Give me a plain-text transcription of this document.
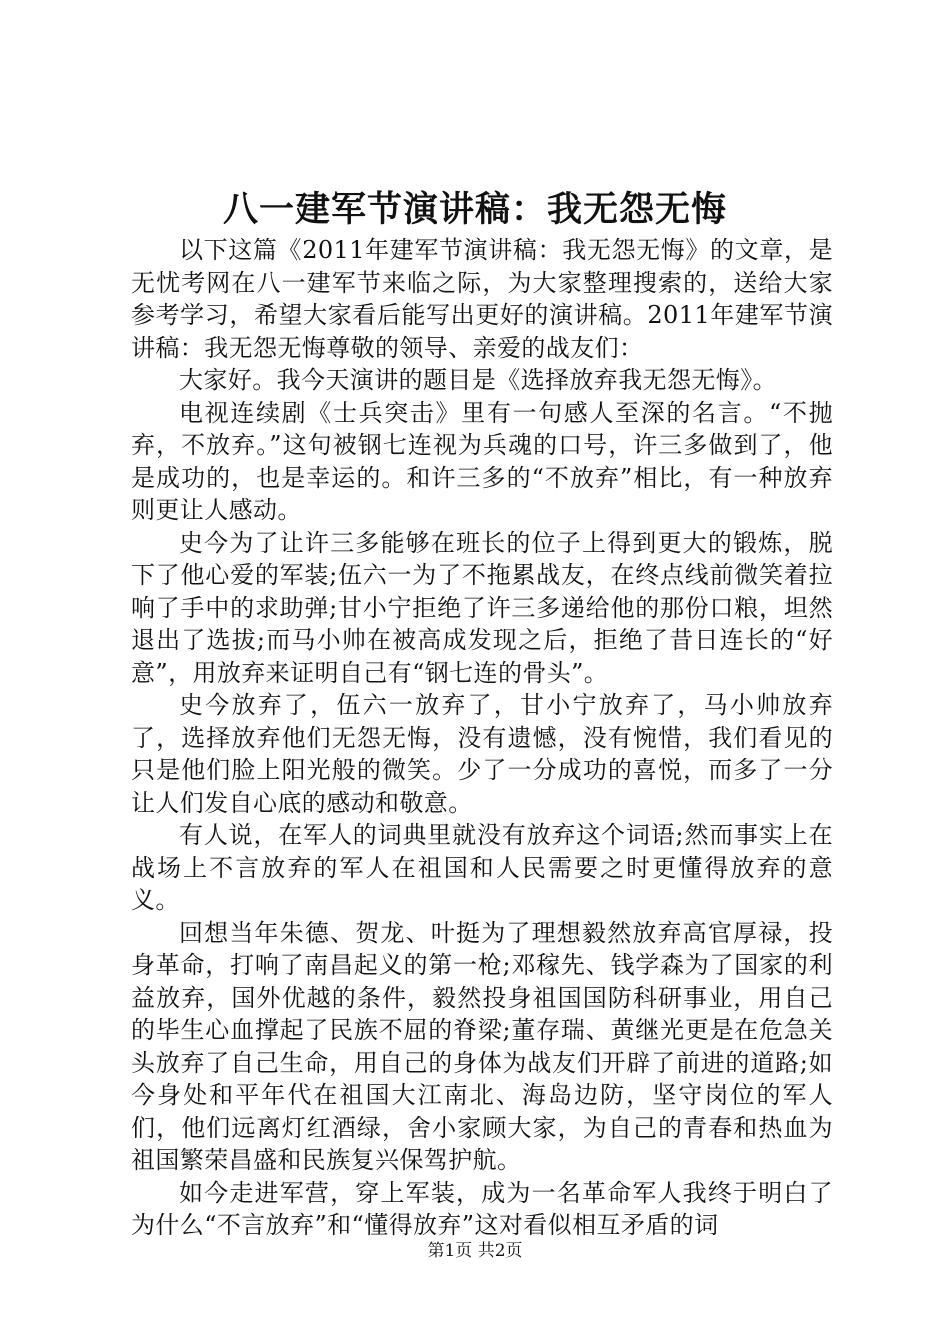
八一建军节演讲稿：我无怨无悔

以下这篇《2011年建军节演讲稿：我无怨无悔》的文章，是无忧考网在八一建军节来临之际，为大家整理搜索的，送给大家参考学习，希望大家看后能写出更好的演讲稿。2011年建军节演讲稿：我无怨无悔尊敬的领导、亲爱的战友们：

大家好。我今天演讲的题目是《选择放弃我无怨无悔》。

电视连续剧《士兵突击》里有一句感人至深的名言。“不抛弃，不放弃。”这句被钢七连视为兵魂的口号，许三多做到了，他是成功的，也是幸运的。和许三多的“不放弃”相比，有一种放弃则更让人感动。

史今为了让许三多能够在班长的位子上得到更大的锻炼，脱下了他心爱的军装;伍六一为了不拖累战友，在终点线前微笑着拉响了手中的求助弹;甘小宁拒绝了许三多递给他的那份口粮，坦然退出了选拔;而马小帅在被高成发现之后，拒绝了昔日连长的“好意”，用放弃来证明自己有“钢七连的骨头”。

史今放弃了，伍六一放弃了，甘小宁放弃了，马小帅放弃了，选择放弃他们无怨无悔，没有遗憾，没有惋惜，我们看见的只是他们脸上阳光般的微笑。少了一分成功的喜悦，而多了一分让人们发自心底的感动和敬意。

有人说，在军人的词典里就没有放弃这个词语;然而事实上在战场上不言放弃的军人在祖国和人民需要之时更懂得放弃的意义。

回想当年朱德、贺龙、叶挺为了理想毅然放弃高官厚禄，投身革命，打响了南昌起义的第一枪;邓稼先、钱学森为了国家的利益放弃，国外优越的条件，毅然投身祖国国防科研事业，用自己的毕生心血撑起了民族不屈的脊梁;董存瑞、黄继光更是在危急关头放弃了自己生命，用自己的身体为战友们开辟了前进的道路;如今身处和平年代在祖国大江南北、海岛边防，坚守岗位的军人们，他们远离灯红酒绿，舍小家顾大家，为自己的青春和热血为祖国繁荣昌盛和民族复兴保驾护航。

如今走进军营，穿上军装，成为一名革命军人我终于明白了为什么“不言放弃”和“懂得放弃”这对看似相互矛盾的词

第1页 共2页
